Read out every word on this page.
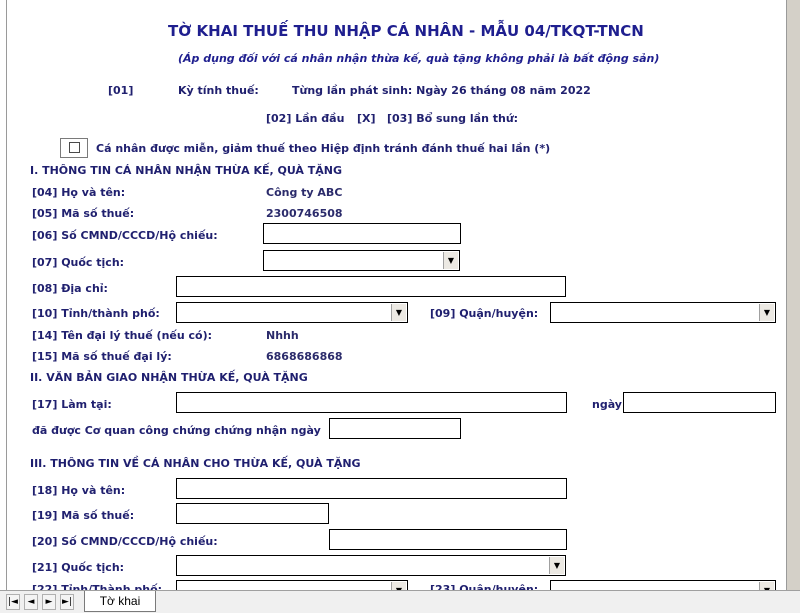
TỜ KHAI THUẾ THU NHẬP CÁ NHÂN - MẪU 04/TKQT-TNCN
(Áp dụng đối với cá nhân nhận thừa kế, quà tặng không phải là bất động sản)
[01]	Kỳ tính thuế:	Từng lần phát sinh: Ngày 26 tháng 08 năm 2022
[02] Lần đầu [X] [03] Bổ sung lần thứ:
Cá nhân được miễn, giảm thuế theo Hiệp định tránh đánh thuế hai lần (*)
I. THÔNG TIN CÁ NHÂN NHẬN THỪA KẾ, QUÀ TẶNG
[04] Họ và tên:	Công ty ABC
[05] Mã số thuế:	2300746508
[06] Số CMND/CCCD/Hộ chiếu:
[07] Quốc tịch:	▼
[08] Địa chỉ:
[10] Tỉnh/thành phố:	▼	[09] Quận/huyện:	▼
[14] Tên đại lý thuế (nếu có):	Nhhh
[15] Mã số thuế đại lý:	6868686868
II. VĂN BẢN GIAO NHẬN THỪA KẾ, QUÀ TẶNG
[17] Làm tại:	ngày
đã được Cơ quan công chứng chứng nhận ngày
III. THÔNG TIN VỀ CÁ NHÂN CHO THỪA KẾ, QUÀ TẶNG
[18] Họ và tên:
[19] Mã số thuế:
[20] Số CMND/CCCD/Hộ chiếu:
[21] Quốc tịch:	▼
|◄	◄	►	►|	Tờ khai
